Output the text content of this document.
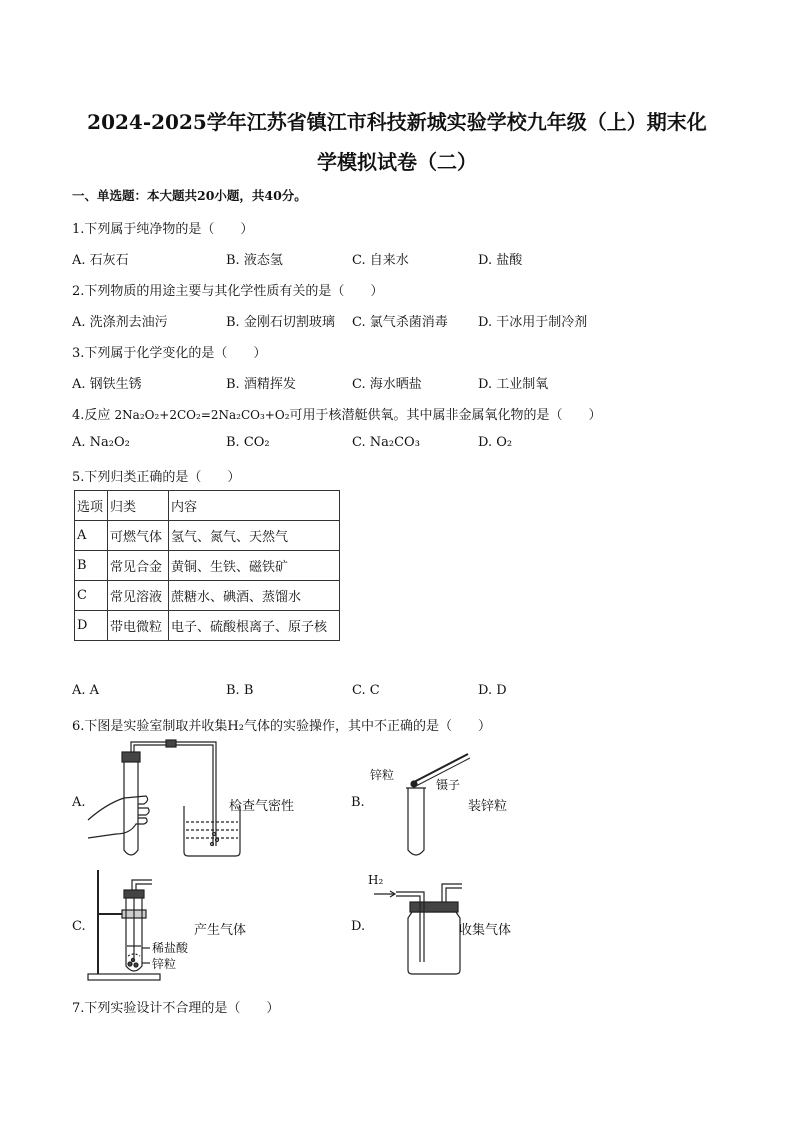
2024-2025学年江苏省镇江市科技新城实验学校九年级（上）期末化
学模拟试卷（二）
一、单选题：本大题共20小题，共40分。
1.下列属于纯净物的是（　　）
A. 石灰石	B. 液态氢	C. 自来水	D. 盐酸
2.下列物质的用途主要与其化学性质有关的是（　　）
A. 洗涤剂去油污	B. 金刚石切割玻璃 C. 氯气杀菌消毒 D. 干冰用于制冷剂
3.下列属于化学变化的是（　　）
A. 钢铁生锈	B. 酒精挥发	C. 海水晒盐	D. 工业制氧
4.反应 2Na₂O₂+2CO₂=2Na₂CO₃+O₂可用于核潜艇供氧。其中属非金属氧化物的是（　　）
A. Na₂O₂	B. CO₂	C. Na₂CO₃	D. O₂
5.下列归类正确的是（　　）
选项	归类	内容
A	可燃气体	氢气、氮气、天然气
B	常见合金	黄铜、生铁、磁铁矿
C	常见溶液	蔗糖水、碘酒、蒸馏水
D	带电微粒	电子、硫酸根离子、原子核
A. A	B. B	C. C	D. D
6.下图是实验室制取并收集H₂气体的实验操作，其中不正确的是（　　）
A.	检查气密性	B.
锌粒
镊子
装锌粒
C.
稀盐酸
锌粒
产生气体	D.
H₂
收集气体
7.下列实验设计不合理的是（　　）
